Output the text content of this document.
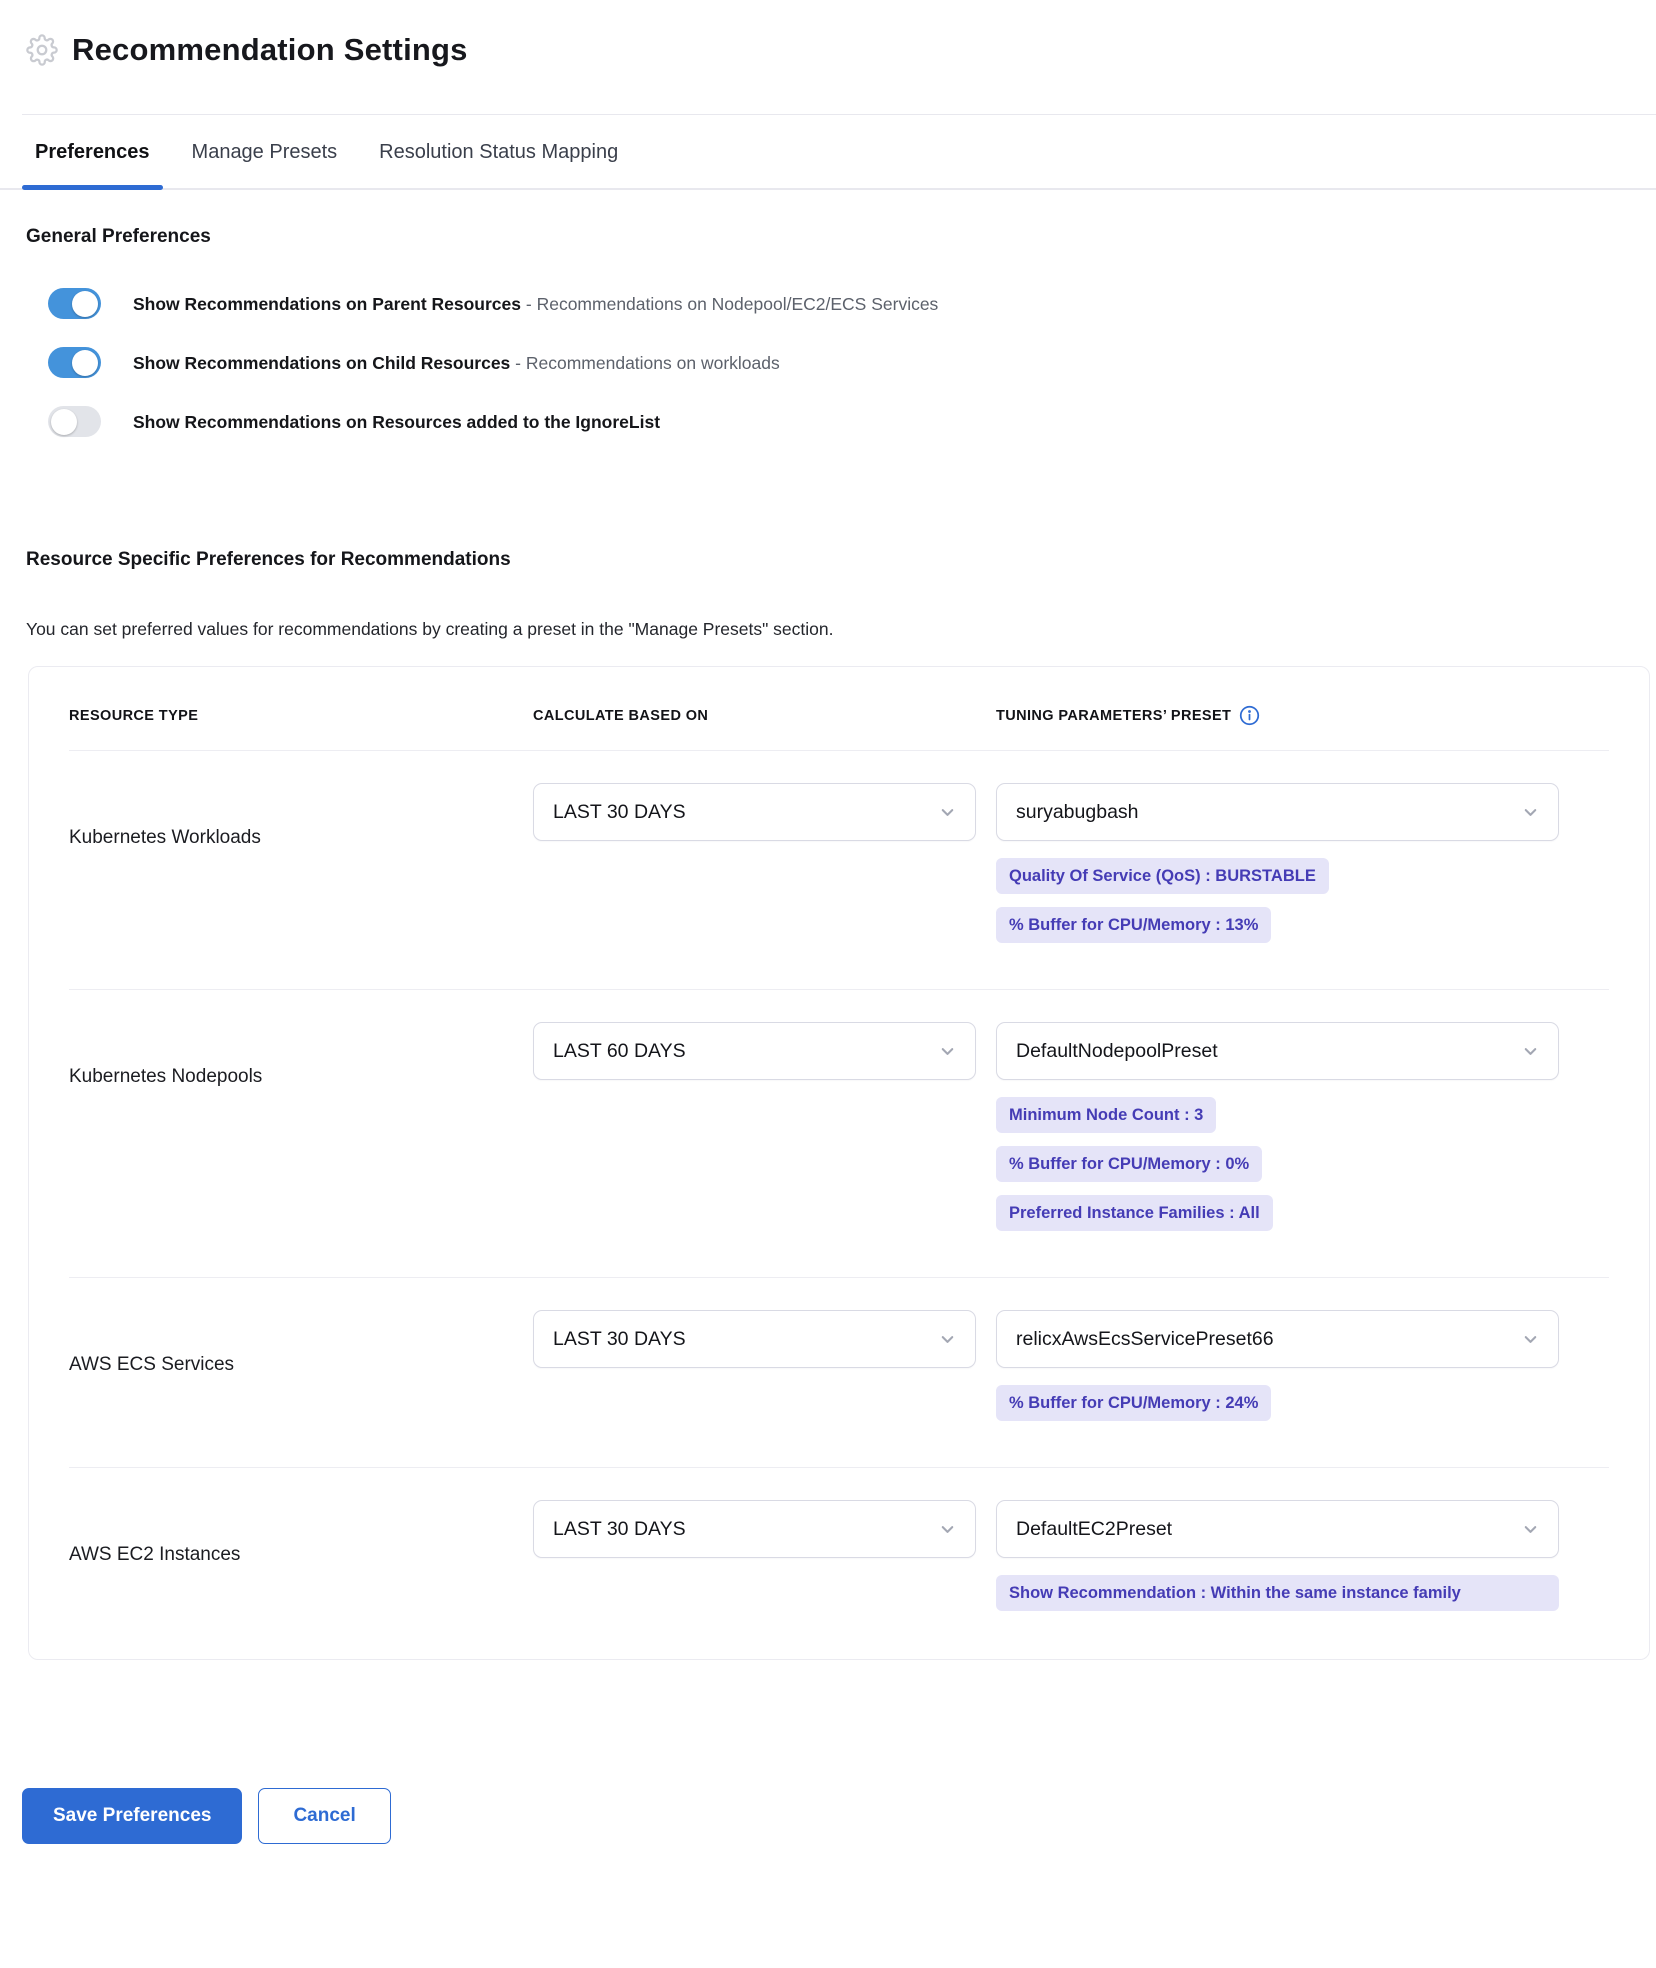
Recommendation Settings
Preferences Manage Presets Resolution Status Mapping
General Preferences
Show Recommendations on Parent Resources - Recommendations on Nodepool/EC2/ECS Services
Show Recommendations on Child Resources - Recommendations on workloads
Show Recommendations on Resources added to the IgnoreList
Resource Specific Preferences for Recommendations

You can set preferred values for recommendations by creating a preset in the "Manage Presets" section.

RESOURCE TYPE	CALCULATE BASED ON	TUNING PARAMETERS’ PRESET
Kubernetes Workloads
LAST 30 DAYS	suryabugbash
Quality Of Service (QoS) : BURSTABLE
% Buffer for CPU/Memory : 13%
Kubernetes Nodepools
LAST 60 DAYS	DefaultNodepoolPreset
Minimum Node Count : 3
% Buffer for CPU/Memory : 0%
Preferred Instance Families : All
AWS ECS Services
LAST 30 DAYS	relicxAwsEcsServicePreset66
% Buffer for CPU/Memory : 24%
AWS EC2 Instances
LAST 30 DAYS	DefaultEC2Preset
Show Recommendation : Within the same instance family
Save Preferences	Cancel
